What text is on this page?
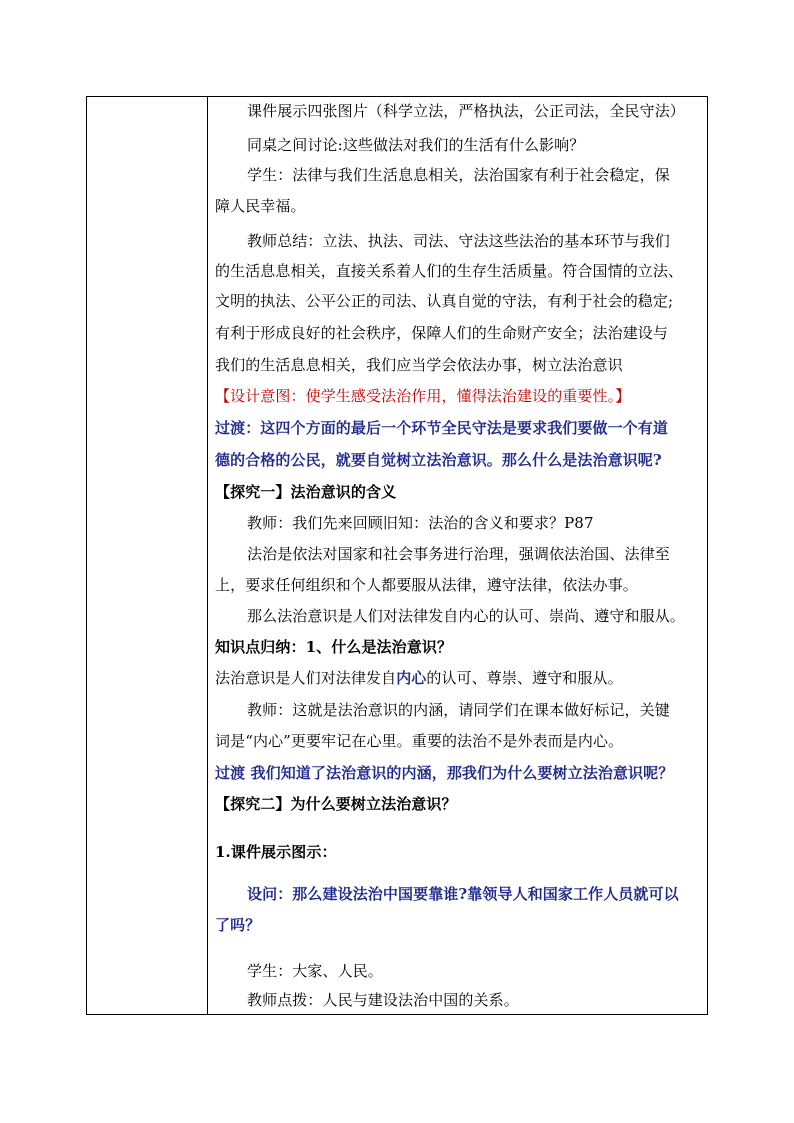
课件展示四张图片（科学立法，严格执法，公正司法，全民守法）
同桌之间讨论:这些做法对我们的生活有什么影响？
学生：法律与我们生活息息相关，法治国家有利于社会稳定，保
障人民幸福。
教师总结：立法、执法、司法、守法这些法治的基本环节与我们
的生活息息相关，直接关系着人们的生存生活质量。符合国情的立法、
文明的执法、公平公正的司法、认真自觉的守法，有利于社会的稳定;
有利于形成良好的社会秩序，保障人们的生命财产安全；法治建设与
我们的生活息息相关，我们应当学会依法办事，树立法治意识
【设计意图：使学生感受法治作用，懂得法治建设的重要性。】
过渡：这四个方面的最后一个环节全民守法是要求我们要做一个有道
德的合格的公民，就要自觉树立法治意识。那么什么是法治意识呢?
【探究一】法治意识的含义
教师：我们先来回顾旧知：法治的含义和要求？P87
法治是依法对国家和社会事务进行治理，强调依法治国、法律至
上，要求任何组织和个人都要服从法律，遵守法律，依法办事。
那么法治意识是人们对法律发自内心的认可、崇尚、遵守和服从。
知识点归纳：1、什么是法治意识？
法治意识是人们对法律发自内心的认可、尊崇、遵守和服从。
教师：这就是法治意识的内涵，请同学们在课本做好标记，关键
词是“内心”更要牢记在心里。重要的法治不是外表而是内心。
过渡 我们知道了法治意识的内涵，那我们为什么要树立法治意识呢？
【探究二】为什么要树立法治意识？
1.课件展示图示：
设问：那么建设法治中国要靠谁?靠领导人和国家工作人员就可以
了吗？
学生：大家、人民。
教师点拨：人民与建设法治中国的关系。
